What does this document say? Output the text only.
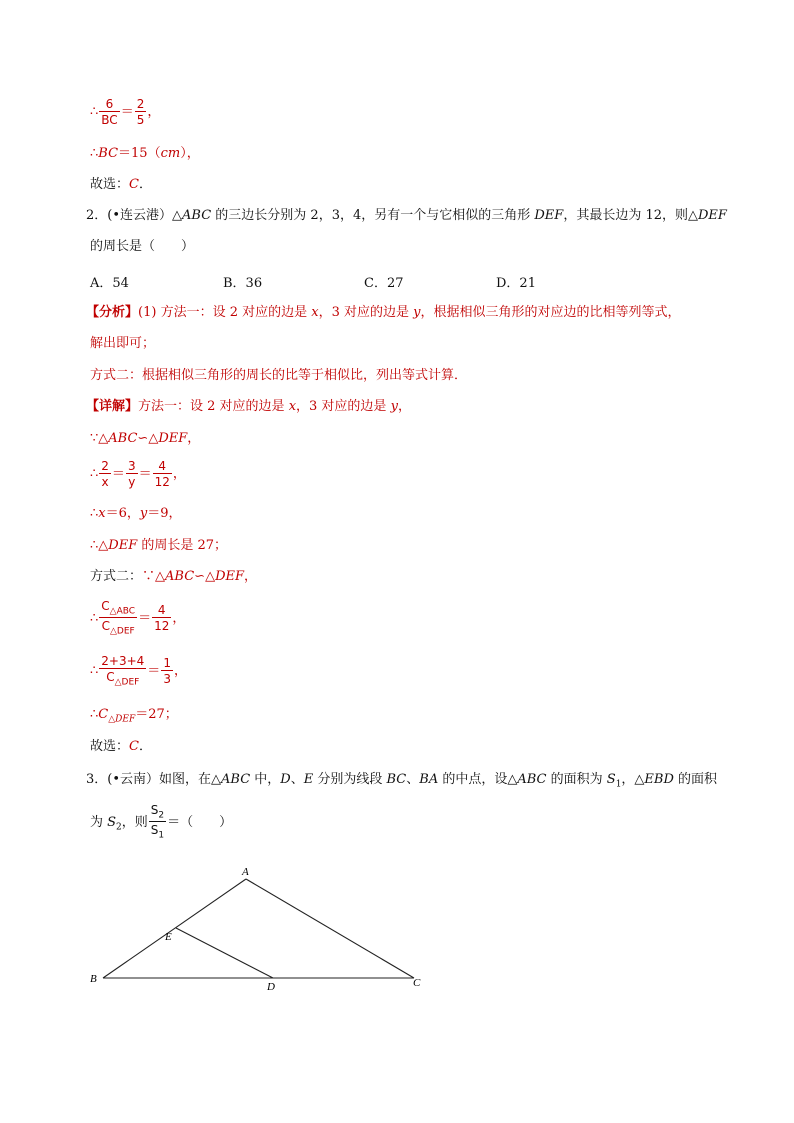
∴ $\frac{6}{BC} = \frac{2}{5}$ ，
∴BC＝15（cm），
故选：C．
2．(•连云港）△ABC 的三边长分别为 2，3，4，另有一个与它相似的三角形 DEF，其最长边为 12，则△DEF
的周长是（　　）
A．54	B．36	C．27	D．21
【分析】(1) 方法一：设 2 对应的边是 x，3 对应的边是 y，根据相似三角形的对应边的比相等列等式，
解出即可；
方式二：根据相似三角形的周长的比等于相似比，列出等式计算．
【详解】方法一：设 2 对应的边是 x，3 对应的边是 y，
∵△ABC∽△DEF，
∴ $\frac{2}{x} = \frac{3}{y} = \frac{4}{12}$ ，
∴x＝6，y＝9，
∴△DEF 的周长是 27；
方式二：∵△ABC∽△DEF，
∴ $\frac{C_{\triangle ABC}}{C_{\triangle DEF}} = \frac{4}{12}$ ，
∴ $\frac{2+3+4}{C_{\triangle DEF}} = \frac{1}{3}$ ，
$\therefore C_{\triangle DEF}=27$；
故选：C．
3．(•云南）如图，在△ABC 中，D、E 分别为线段 BC、BA 的中点，设△ABC 的面积为 $S_1$，△EBD 的面积
为 $S_2$，则 $\frac{S_2}{S_1}$ ＝（　　）
A
E
B
D	C
